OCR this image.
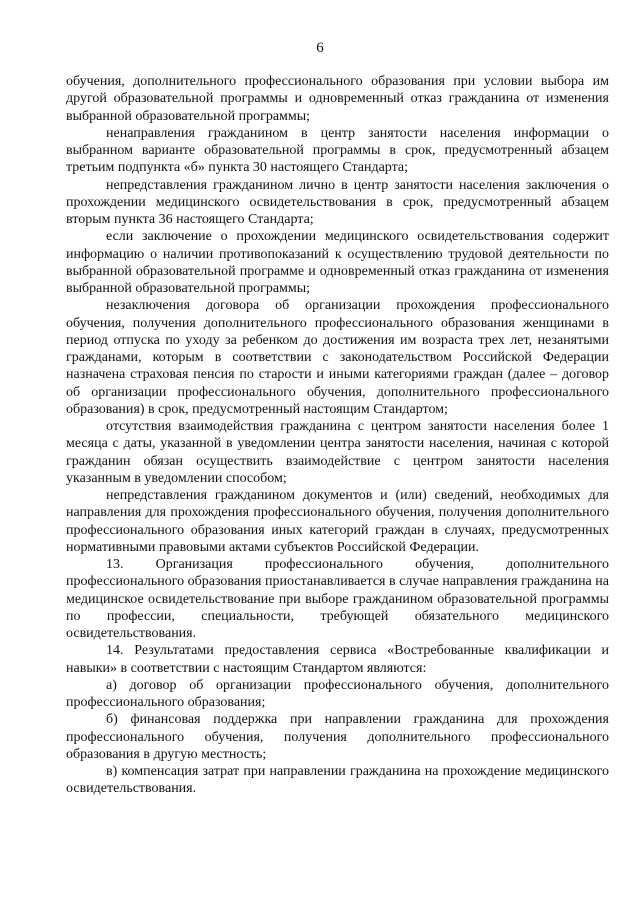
6

обучения, дополнительного профессионального образования при условии выбора им другой образовательной программы и одновременный отказ гражданина от изменения выбранной образовательной программы;

ненаправления гражданином в центр занятости населения информации о выбранном варианте образовательной программы в срок, предусмотренный абзацем третьим подпункта «б» пункта 30 настоящего Стандарта;

непредставления гражданином лично в центр занятости населения заключения о прохождении медицинского освидетельствования в срок, предусмотренный абзацем вторым пункта 36 настоящего Стандарта;

если заключение о прохождении медицинского освидетельствования содержит информацию о наличии противопоказаний к осуществлению трудовой деятельности по выбранной образовательной программе и одновременный отказ гражданина от изменения выбранной образовательной программы;

незаключения договора об организации прохождения профессионального обучения, получения дополнительного профессионального образования женщинами в период отпуска по уходу за ребенком до достижения им возраста трех лет, незанятыми гражданами, которым в соответствии с законодательством Российской Федерации назначена страховая пенсия по старости и иными категориями граждан (далее – договор об организации профессионального обучения, дополнительного профессионального образования) в срок, предусмотренный настоящим Стандартом;

отсутствия взаимодействия гражданина с центром занятости населения более 1 месяца с даты, указанной в уведомлении центра занятости населения, начиная с которой гражданин обязан осуществить взаимодействие с центром занятости населения указанным в уведомлении способом;

непредставления гражданином документов и (или) сведений, необходимых для направления для прохождения профессионального обучения, получения дополнительного профессионального образования иных категорий граждан в случаях, предусмотренных нормативными правовыми актами субъектов Российской Федерации.

13. Организация профессионального обучения, дополнительного профессионального образования приостанавливается в случае направления гражданина на медицинское освидетельствование при выборе гражданином образовательной программы по профессии, специальности, требующей обязательного медицинского освидетельствования.

14. Результатами предоставления сервиса «Востребованные квалификации и навыки» в соответствии с настоящим Стандартом являются:

а) договор об организации профессионального обучения, дополнительного профессионального образования;

б) финансовая поддержка при направлении гражданина для прохождения профессионального обучения, получения дополнительного профессионального образования в другую местность;

в) компенсация затрат при направлении гражданина на прохождение медицинского освидетельствования.
